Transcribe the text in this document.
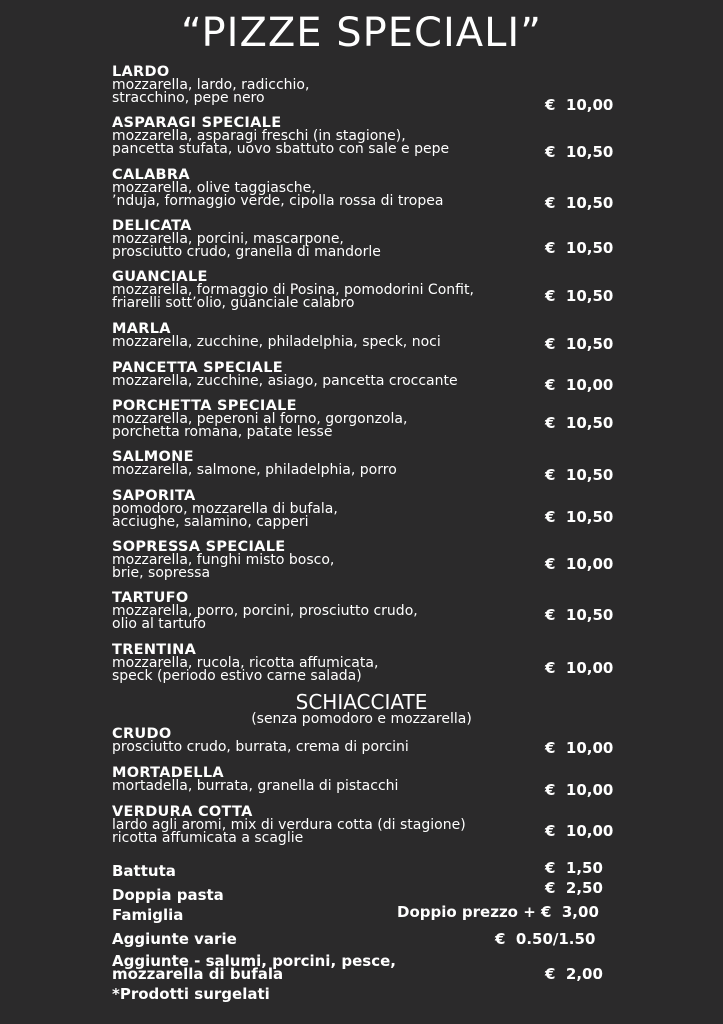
“PIZZE SPECIALI”
LARDO
mozzarella, lardo, radicchio,
stracchino, pepe nero	€  10,00
ASPARAGI SPECIALE
mozzarella, asparagi freschi (in stagione),
pancetta stufata, uovo sbattuto con sale e pepe	€  10,50
CALABRA
mozzarella, olive taggiasche,
’nduja, formaggio verde, cipolla rossa di tropea	€  10,50
DELICATA
mozzarella, porcini, mascarpone,
prosciutto crudo, granella di mandorle	€  10,50
GUANCIALE
mozzarella, formaggio di Posina, pomodorini Confit,
friarelli sott’olio, guanciale calabro	€  10,50
MARLA
mozzarella, zucchine, philadelphia, speck, noci	€  10,50
PANCETTA SPECIALE
mozzarella, zucchine, asiago, pancetta croccante	€  10,00
PORCHETTA SPECIALE
mozzarella, peperoni al forno, gorgonzola,
porchetta romana, patate lesse	€  10,50
SALMONE
mozzarella, salmone, philadelphia, porro	€  10,50
SAPORITA
pomodoro, mozzarella di bufala,
acciughe, salamino, capperi	€  10,50
SOPRESSA SPECIALE
mozzarella, funghi misto bosco,
brie, sopressa	€  10,00
TARTUFO
mozzarella, porro, porcini, prosciutto crudo,
olio al tartufo	€  10,50
TRENTINA
mozzarella, rucola, ricotta affumicata,
speck (periodo estivo carne salada)	€  10,00
SCHIACCIATE
(senza pomodoro e mozzarella)
CRUDO
prosciutto crudo, burrata, crema di porcini	€  10,00
MORTADELLA
mortadella, burrata, granella di pistacchi	€  10,00
VERDURA COTTA
lardo agli aromi, mix di verdura cotta (di stagione)
ricotta affumicata a scaglie	€  10,00
Battuta	€  1,50
Doppia pasta	€  2,50
Famiglia	Doppio prezzo + €  3,00
Aggiunte varie	€  0.50/1.50
Aggiunte - salumi, porcini, pesce,
mozzarella di bufala	€  2,00
*Prodotti surgelati
